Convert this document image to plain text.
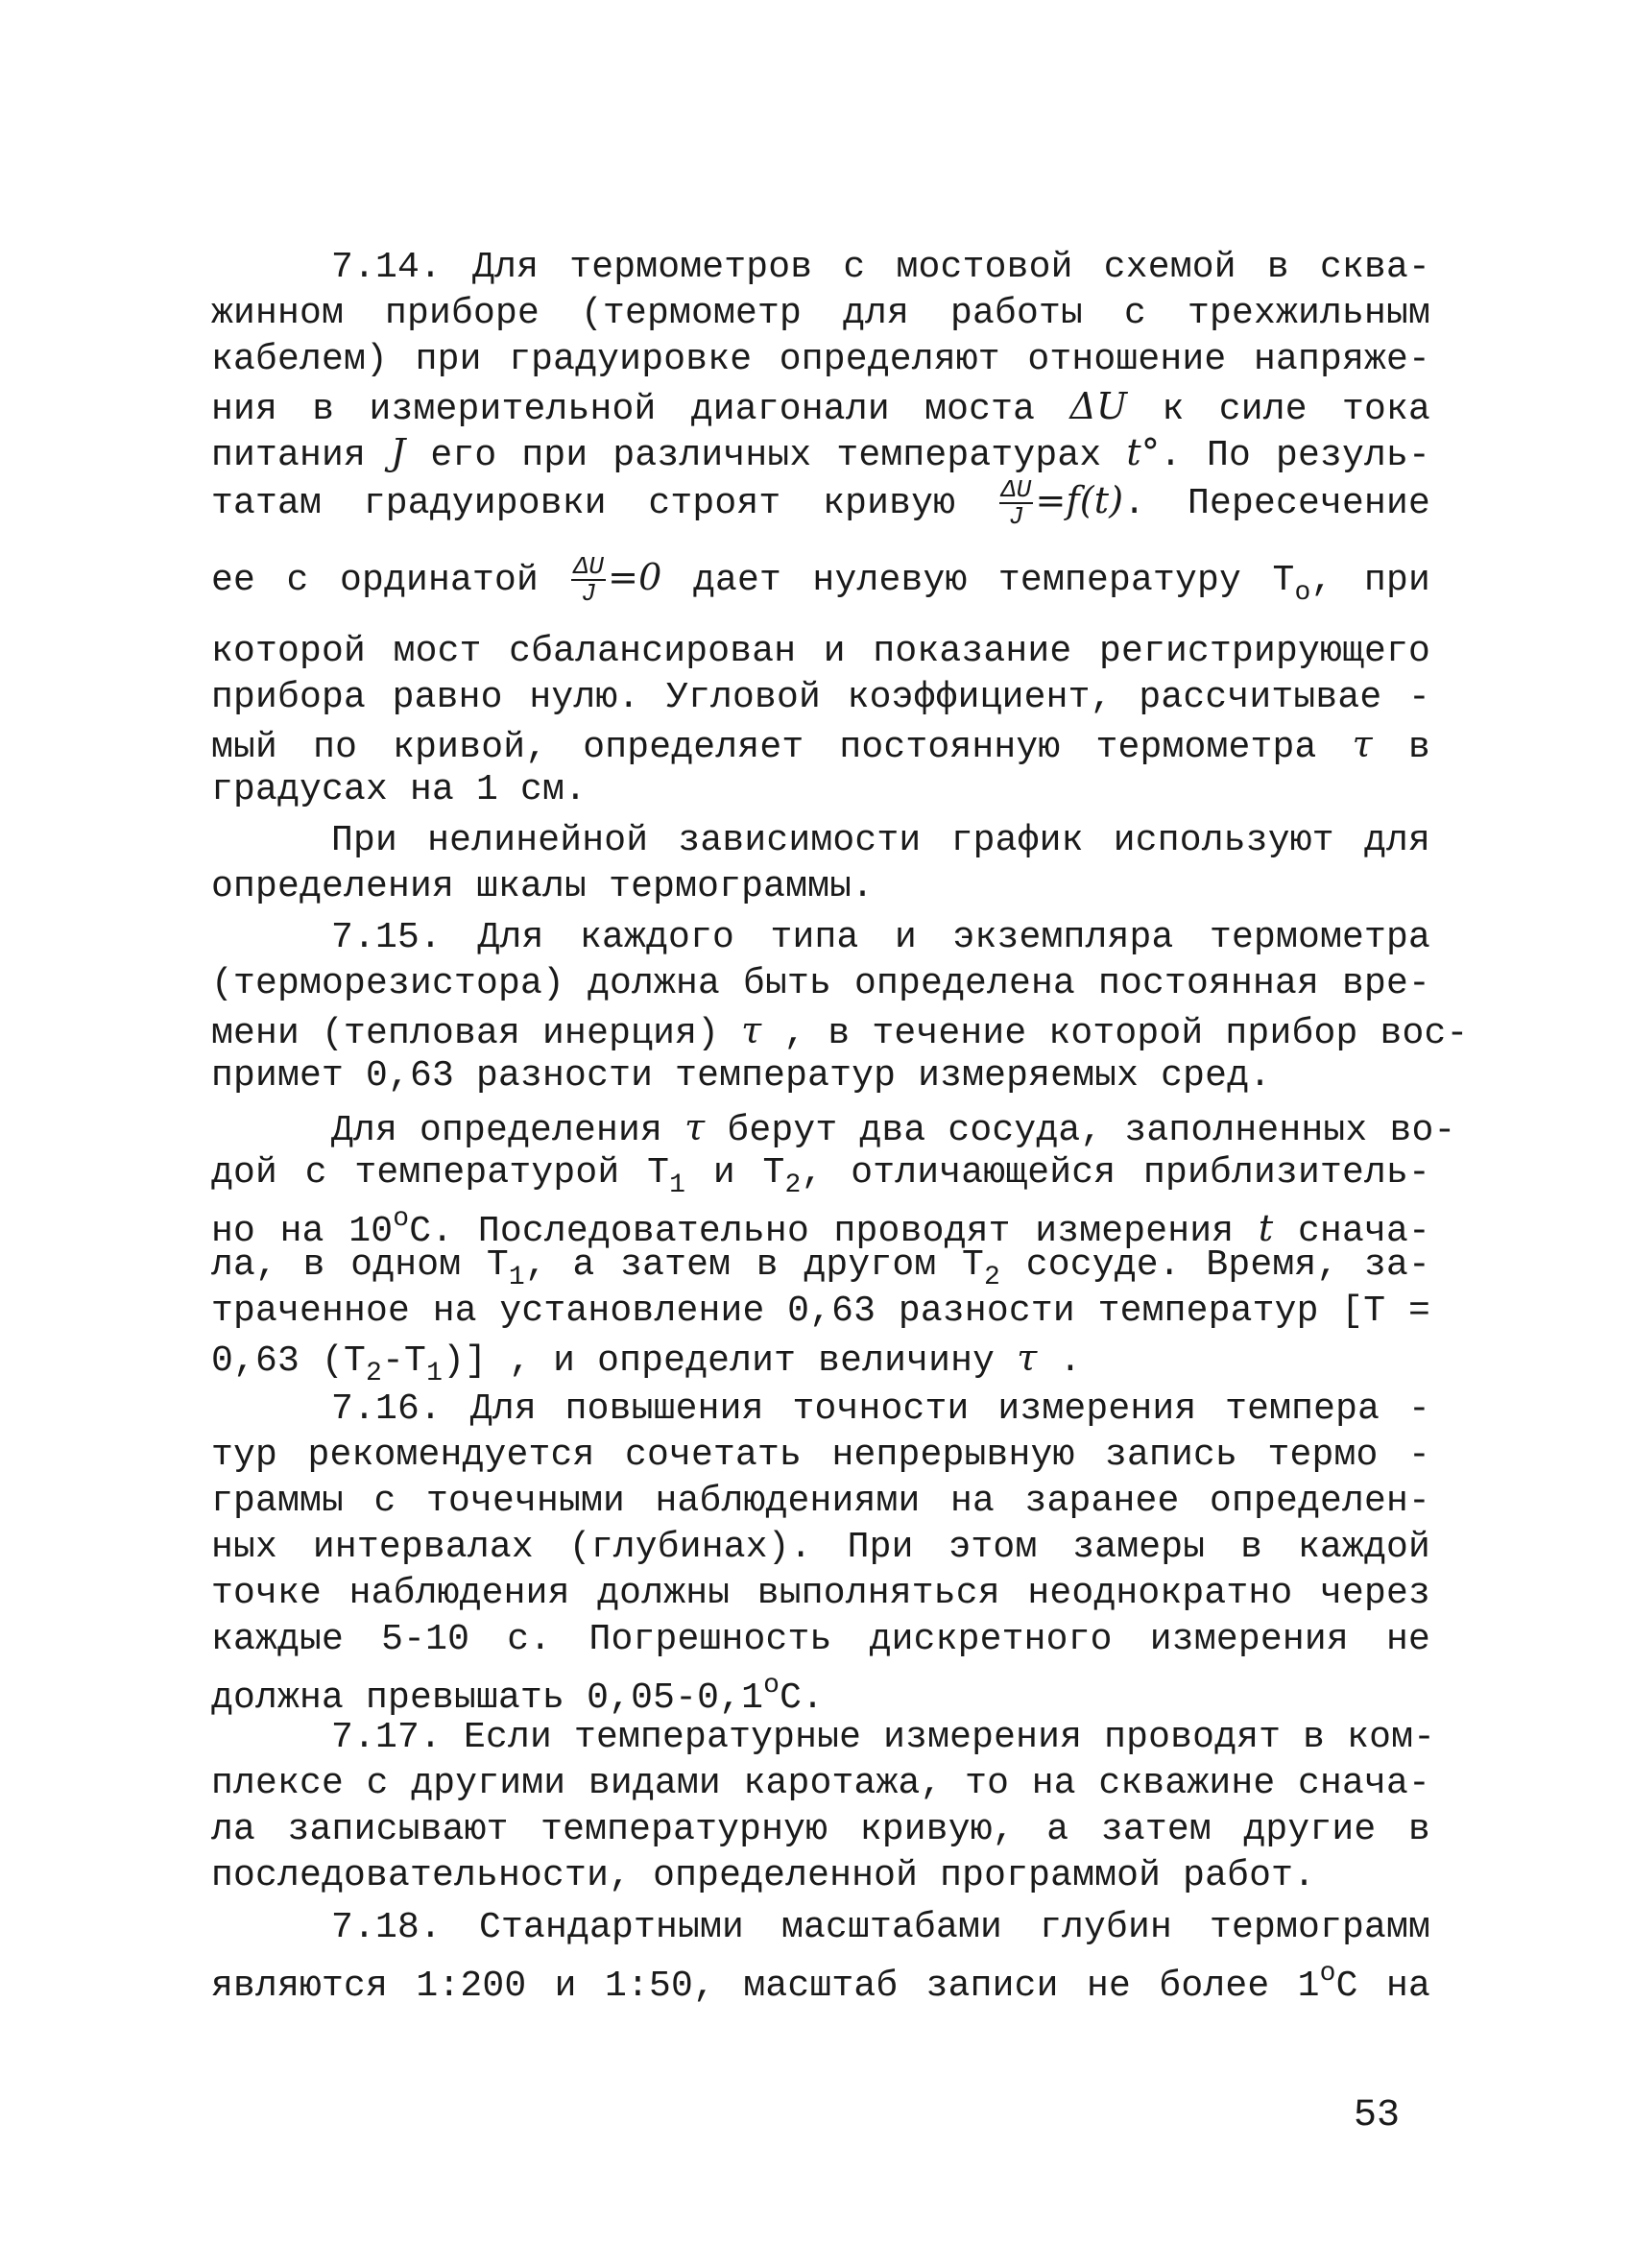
7.14. Для термометров с мостовой схемой в сква-
жинном приборе (термометр для работы с трехжильным
кабелем) при градуировке определяют отношение напряже-
ния в измерительной диагонали моста ΔU к силе тока
питания J его при различных температурах t°. По резуль-
татам градуировки строят кривую $\frac{\Delta U}{J} =f(t)$. Пересечение
ее с ординатой $\frac{\Delta U}{J} =0$ дает нулевую температуру $T_o$, при
которой мост сбалансирован и показание регистрирующего
прибора равно нулю. Угловой коэффициент, рассчитывае -
мый по кривой, определяет постоянную термометра τ в
градусах на 1 см.
При нелинейной зависимости график используют для
определения шкалы термограммы.
7.15. Для каждого типа и экземпляра термометра
(терморезистора) должна быть определена постоянная вре-
мени (тепловая инерция) τ , в течение которой прибор вос-
примет 0,63 разности температур измеряемых сред.
Для определения τ берут два сосуда, заполненных во-
дой с температурой $T_1$ и $T_2$, отличающейся приблизитель-
но на 10$^o$С. Последовательно проводят измерения t снача-
ла, в одном $T_1$, а затем в другом $T_2$ сосуде. Время, за-
траченное на установление 0,63 разности температур [T =
0,63 $(T_2-T_1)$] , и определит величину τ .
7.16. Для повышения точности измерения темпера -
тур рекомендуется сочетать непрерывную запись термо -
граммы с точечными наблюдениями на заранее определен-
ных интервалах (глубинах). При этом замеры в каждой
точке наблюдения должны выполняться неоднократно через
каждые 5-10 с. Погрешность дискретного измерения не
должна превышать 0,05-0,1$^o$С.
7.17. Если температурные измерения проводят в ком-
плексе с другими видами каротажа, то на скважине снача-
ла записывают температурную кривую, а затем другие в
последовательности, определенной программой работ.
7.18. Стандартными масштабами глубин термограмм
являются 1:200 и 1:50, масштаб записи не более 1$^o$С на
53
